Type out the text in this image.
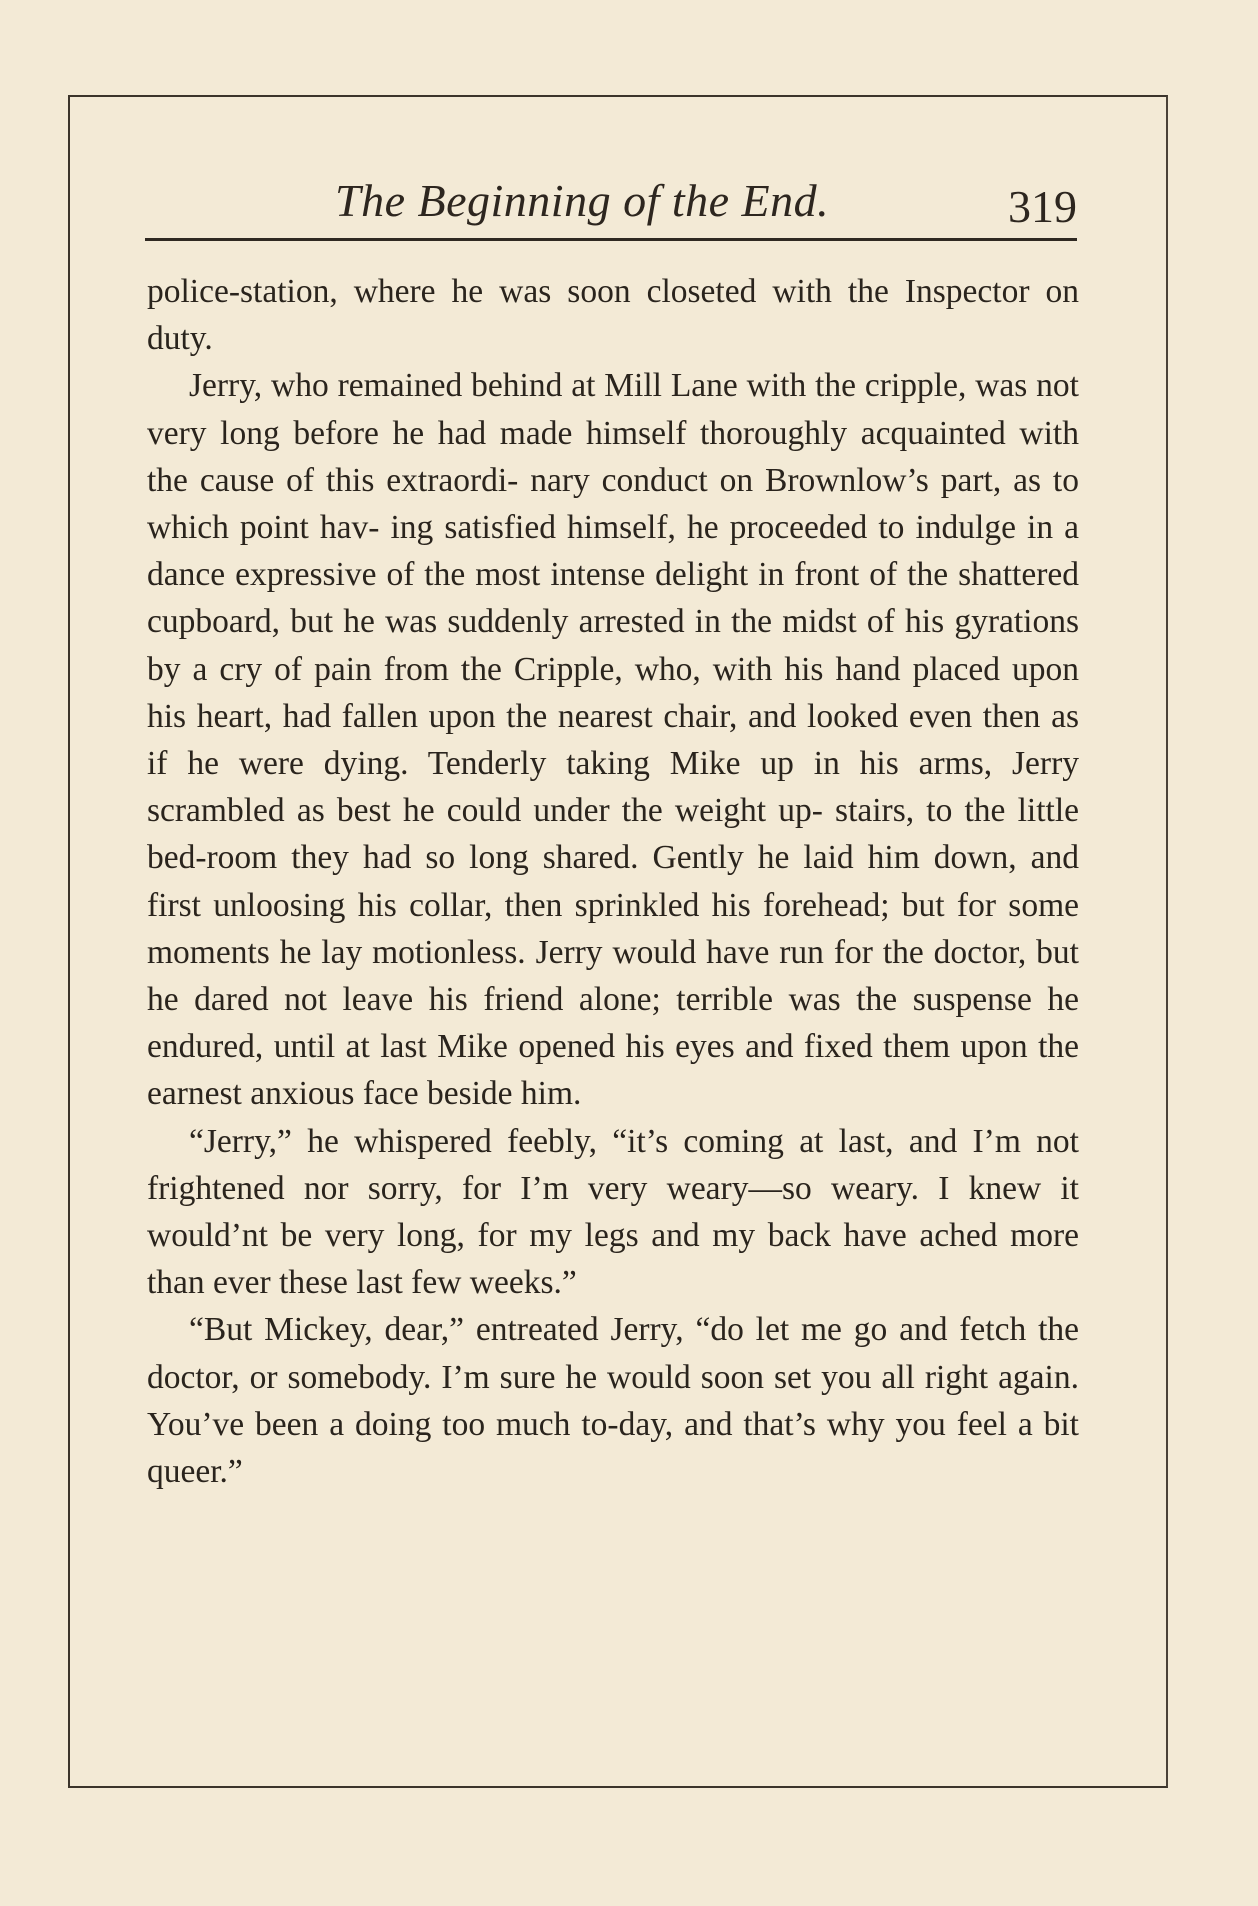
The Beginning of the End.	319

police-station, where he was soon closeted with the Inspector on duty.

Jerry, who remained behind at Mill Lane with the cripple, was not very long before he had made himself thoroughly acquainted with the cause of this extraordi- nary conduct on Brownlow’s part, as to which point hav- ing satisfied himself, he proceeded to indulge in a dance expressive of the most intense delight in front of the shattered cupboard, but he was suddenly arrested in the midst of his gyrations by a cry of pain from the Cripple, who, with his hand placed upon his heart, had fallen upon the nearest chair, and looked even then as if he were dying. Tenderly taking Mike up in his arms, Jerry scrambled as best he could under the weight up- stairs, to the little bed-room they had so long shared. Gently he laid him down, and first unloosing his collar, then sprinkled his forehead; but for some moments he lay motionless. Jerry would have run for the doctor, but he dared not leave his friend alone; terrible was the suspense he endured, until at last Mike opened his eyes and fixed them upon the earnest anxious face beside him.

“Jerry,” he whispered feebly, “it’s coming at last, and I’m not frightened nor sorry, for I’m very weary—so weary. I knew it would’nt be very long, for my legs and my back have ached more than ever these last few weeks.”

“But Mickey, dear,” entreated Jerry, “do let me go and fetch the doctor, or somebody. I’m sure he would soon set you all right again. You’ve been a doing too much to-day, and that’s why you feel a bit queer.”
